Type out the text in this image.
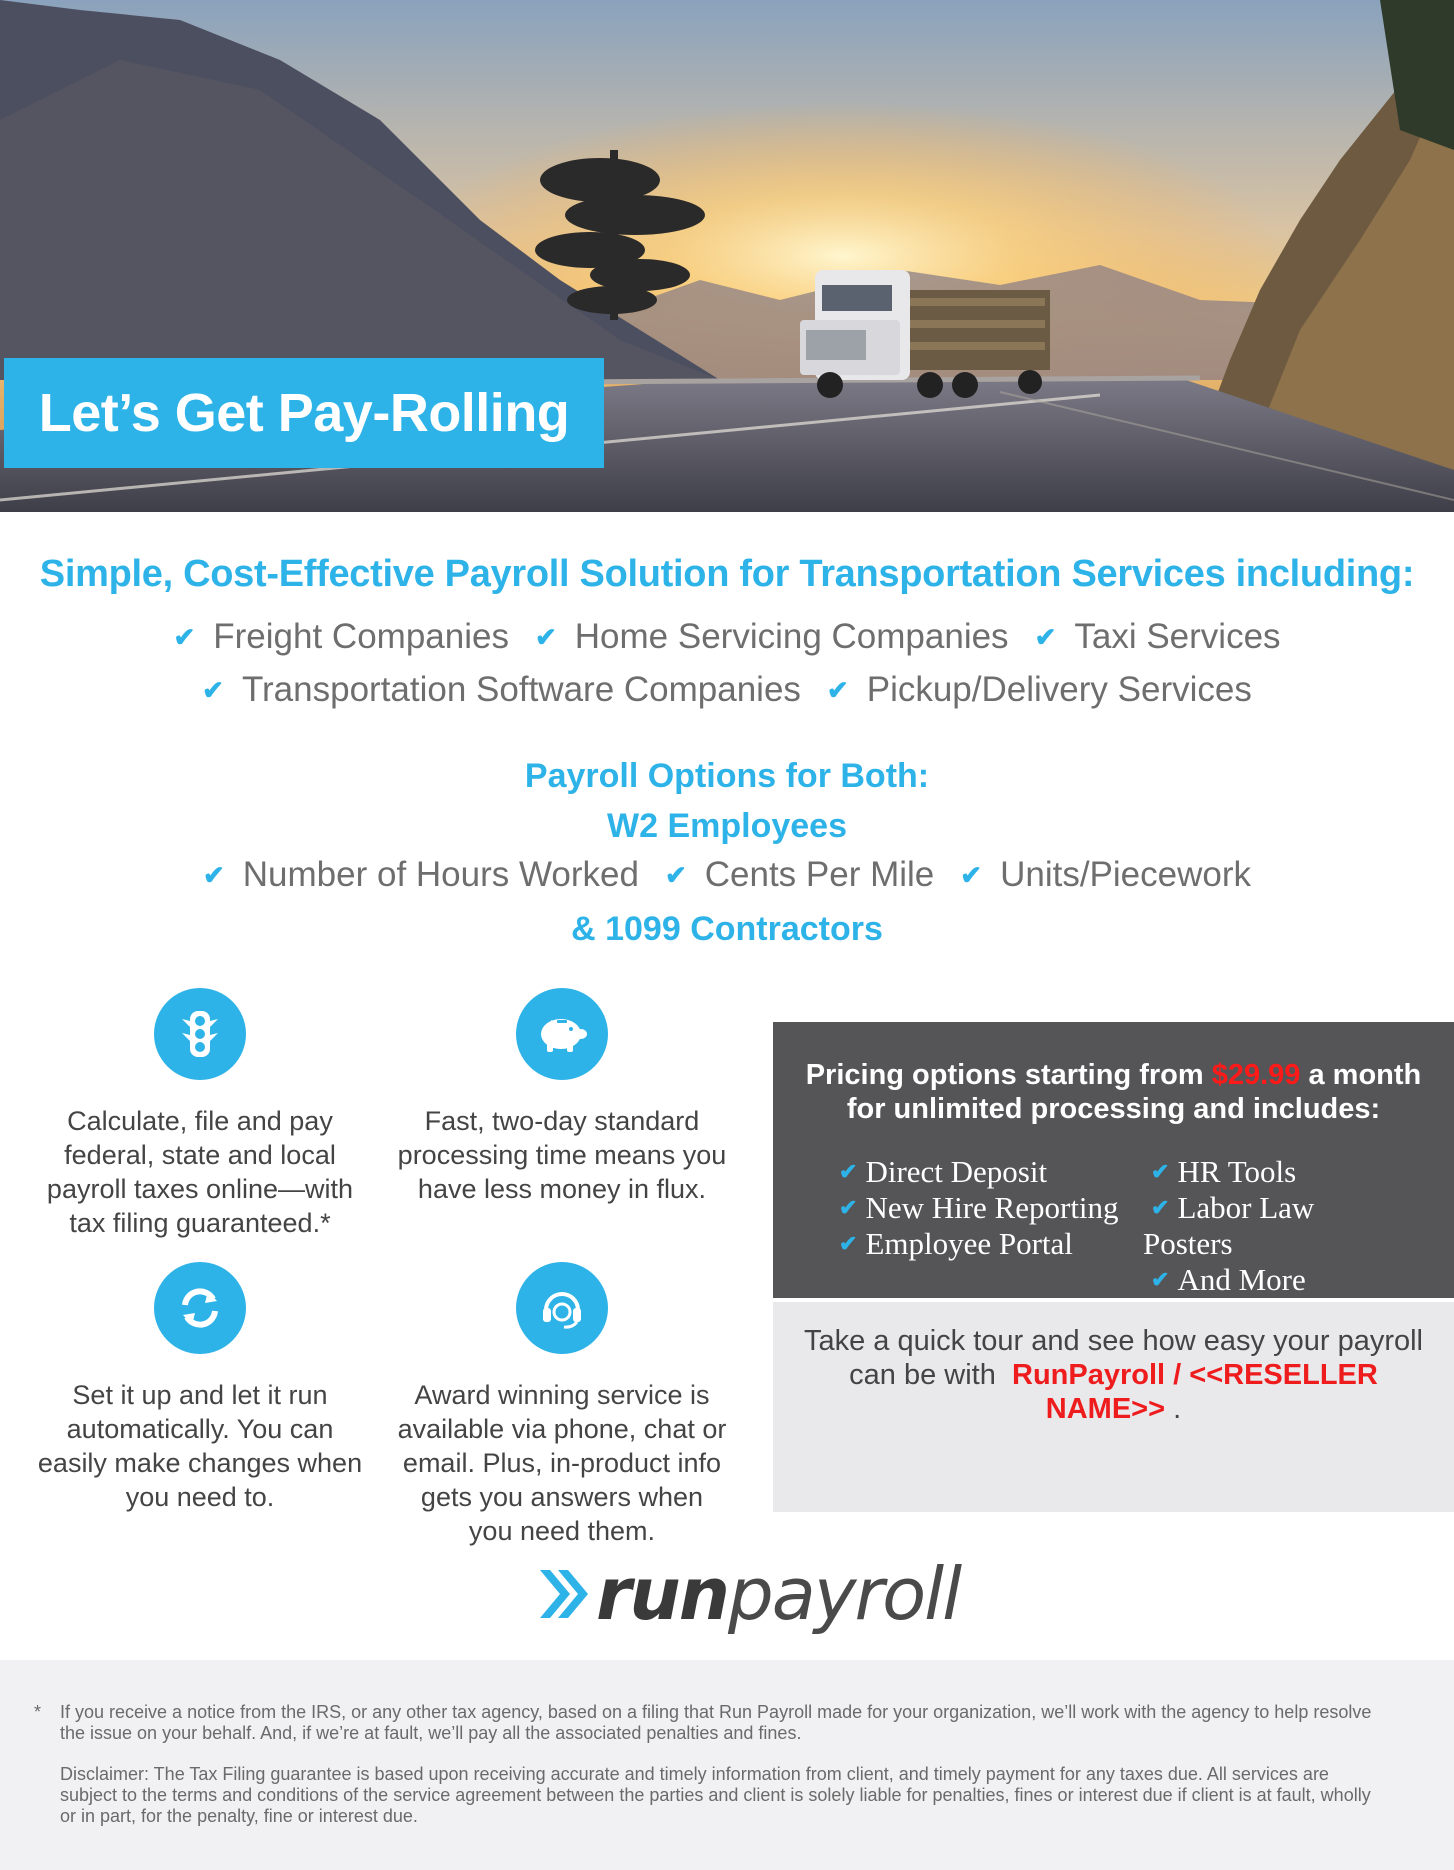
Let’s Get Pay-Rolling
Simple, Cost-Effective Payroll Solution for Transportation Services including:
✔ Freight Companies ✔ Home Servicing Companies ✔ Taxi Services
✔ Transportation Software Companies ✔ Pickup/Delivery Services
Payroll Options for Both:
W2 Employees
✔ Number of Hours Worked ✔ Cents Per Mile ✔ Units/Piecework
& 1099 Contractors
Calculate, file and pay federal, state and local payroll taxes online—with tax filing guaranteed.*
Fast, two-day standard processing time means you have less money in flux.
Set it up and let it run automatically. You can easily make changes when you need to.
Award winning service is available via phone, chat or email. Plus, in-product info gets you answers when you need them.
Pricing options starting from $29.99 a month
for unlimited processing and includes:
✔ Direct Deposit
✔ New Hire Reporting
✔ Employee Portal
✔ HR Tools
✔ Labor Law
Posters
✔ And More
Take a quick tour and see how easy your payroll
can be with RunPayroll / <<RESELLER
NAME>> .
runpayroll
*	If you receive a notice from the IRS, or any other tax agency, based on a filing that Run Payroll made for your organization, we’ll work with the agency to help resolve the issue on your behalf. And, if we’re at fault, we’ll pay all the associated penalties and fines.
Disclaimer: The Tax Filing guarantee is based upon receiving accurate and timely information from client, and timely payment for any taxes due. All services are subject to the terms and conditions of the service agreement between the parties and client is solely liable for penalties, fines or interest due if client is at fault, wholly or in part, for the penalty, fine or interest due.
